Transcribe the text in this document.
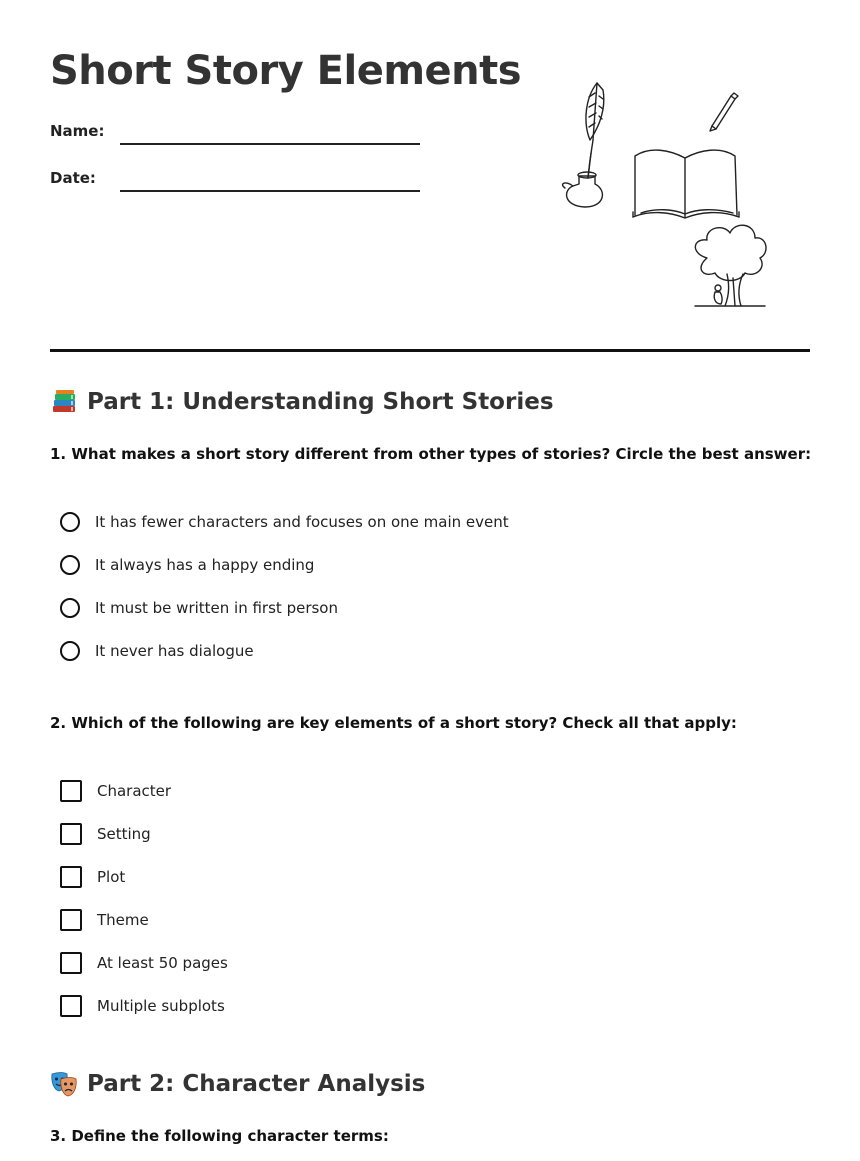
Short Story Elements
Name:
Date:
Part 1: Understanding Short Stories
1. What makes a short story different from other types of stories? Circle the best answer:
It has fewer characters and focuses on one main event
It always has a happy ending
It must be written in first person
It never has dialogue
2. Which of the following are key elements of a short story? Check all that apply:
Character
Setting
Plot
Theme
At least 50 pages
Multiple subplots
Part 2: Character Analysis
3. Define the following character terms:
